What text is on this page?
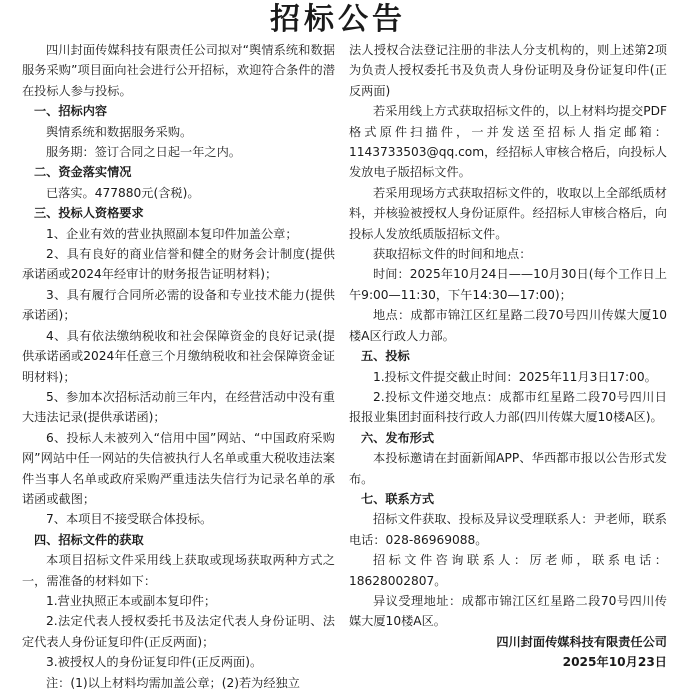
招标公告

四川封面传媒科技有限责任公司拟对“舆情系统和数据服务采购”项目面向社会进行公开招标，欢迎符合条件的潜在投标人参与投标。

一、招标内容

舆情系统和数据服务采购。

服务期：签订合同之日起一年之内。

二、资金落实情况

已落实。477880元(含税)。

三、投标人资格要求

1、企业有效的营业执照副本复印件加盖公章；

2、具有良好的商业信誉和健全的财务会计制度(提供承诺函或2024年经审计的财务报告证明材料)；

3、具有履行合同所必需的设备和专业技术能力(提供承诺函)；

4、具有依法缴纳税收和社会保障资金的良好记录(提供承诺函或2024年任意三个月缴纳税收和社会保障资金证明材料)；

5、参加本次招标活动前三年内，在经营活动中没有重大违法记录(提供承诺函)；

6、投标人未被列入“信用中国”网站、“中国政府采购网”网站中任一网站的失信被执行人名单或重大税收违法案件当事人名单或政府采购严重违法失信行为记录名单的承诺函或截图；

7、本项目不接受联合体投标。

四、招标文件的获取

本项目招标文件采用线上获取或现场获取两种方式之一，需准备的材料如下：

1.营业执照正本或副本复印件；

2.法定代表人授权委托书及法定代表人身份证明、法定代表人身份证复印件(正反两面)；

3.被授权人的身份证复印件(正反两面)。

注：(1)以上材料均需加盖公章；(2)若为经独立

法人授权合法登记注册的非法人分支机构的，则上述第2项为负责人授权委托书及负责人身份证明及身份证复印件(正反两面)

若采用线上方式获取招标文件的，以上材料均提交PDF格式原件扫描件，一并发送至招标人指定邮箱：1143733503@qq.com，经招标人审核合格后，向投标人发放电子版招标文件。

若采用现场方式获取招标文件的，收取以上全部纸质材料，并核验被授权人身份证原件。经招标人审核合格后，向投标人发放纸质版招标文件。

获取招标文件的时间和地点：

时间：2025年10月24日——10月30日(每个工作日上午9:00—11:30，下午14:30—17:00)；

地点：成都市锦江区红星路二段70号四川传媒大厦10楼A区行政人力部。

五、投标

1.投标文件提交截止时间：2025年11月3日17:00。

2.投标文件递交地点：成都市红星路二段70号四川日报报业集团封面科技行政人力部(四川传媒大厦10楼A区)。

六、发布形式

本投标邀请在封面新闻APP、华西都市报以公告形式发布。

七、联系方式

招标文件获取、投标及异议受理联系人：尹老师，联系电话：028-86969088。

招标文件咨询联系人：厉老师，联系电话：18628002807。

异议受理地址：成都市锦江区红星路二段70号四川传媒大厦10楼A区。

四川封面传媒科技有限责任公司

2025年10月23日
